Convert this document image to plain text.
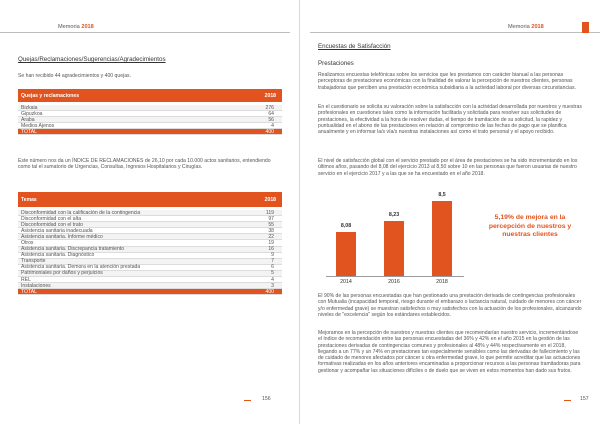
Memoria 2018
Quejas/Reclamaciones/Sugerencias/Agradecimientos
Se han recibido 44 agradecimientos y 400 quejas.
Quejas y reclamaciones	2018
Bizkaia	276
Gipuzkoa	64
Araba	56
Medios Ajenos	4
TOTAL	400
Este número nos da un ÍNDICE DE RECLAMACIONES de 26,10 por cada 10.000 actos sanitarios, entendiendo como tal el sumatorio de Urgencias, Consultas, Ingresos Hospitalarios y Cirugías.
Temas	2018
Disconformidad con la calificación de la contingencia	119
Disconformidad con el alta	97
Disconformidad con el trato	55
Asistencia sanitaria inadecuada	38
Asistencia sanitaria. Informe médico	22
Otros	19
Asistencia sanitaria. Discrepancia tratamiento	16
Asistencia sanitaria. Diagnóstico	9
Transporte	7
Asistencia sanitaria. Demora en la atención prestada	6
Patrimoniales por daños y perjuicios	5
REL	4
Instalaciones	3
TOTAL	400
156
Memoria 2018
Encuestas de Satisfacción
Prestaciones
Realizamos encuestas telefónicas sobre los servicios que les prestamos con carácter bianual a las personas perceptoras de prestaciones económicas con la finalidad de valorar la percepción de nuestros clientes, personas trabajadoras que perciben una prestación económica subsidiaria a la actividad laboral por diversas circunstancias.
En el cuestionario se solicita su valoración sobre la satisfacción con la actividad desarrollada por nuestros y nuestras profesionales en cuestiones tales como la información facilitada y solicitada para resolver sus solicitudes de prestaciones, la efectividad a la hora de resolver dudas, el tiempo de tramitación de su solicitud, la rapidez y puntualidad en el abono de las prestaciones en relación al compromiso de las fechas de pago que se planifica anualmente y en informar la/s vía/s nuestras instalaciones así como el trato personal y el apoyo recibido.
El nivel de satisfacción global con el servicio prestado por el área de prestaciones se ha sido incrementando en los últimos años, pasando del 8,08 del ejercicio 2013 al 8,50 sobre 10 en las personas que fueron usuarias de nuestro servicio en el ejercicio 2017 y a las que se ha encuestado en el año 2018.
8,08
8,23
8,5
2014	2016	2018
5,19% de mejora en la percepción de nuestros y nuestras clientes
El 90% de las personas encuestadas que han gestionado una prestación derivada de contingencias profesionales con Mutualia (incapacidad temporal, riesgo durante el embarazo o lactancia natural, cuidado de menores con cáncer y/o enfermedad grave) se muestran satisfechos o muy satisfechos con la actuación de los profesionales, alcanzando niveles de "excelencia" según los estándares establecidos.
Mejoramos en la percepción de nuestros y nuestras clientes que recomendarían nuestro servicio, incrementándose el índice de recomendación entre las personas encuestadas del 36% y 42% en el año 2015 en la gestión de las prestaciones derivadas de contingencias comunes y profesionales al 48% y 44% respectivamente en el 2018, llegando a un 77% y un 74% en prestaciones tan especialmente sensibles como las derivadas de fallecimiento y las de cuidado de menores afectados por cáncer u otra enfermedad grave, lo que permite acreditar que las actuaciones formativas realizadas en los años anteriores encaminadas a proporcionar recursos a las personas tramitadoras para gestionar y acompañar las situaciones difíciles o de duelo que se viven en estos momentos han dado sus frutos.
157
